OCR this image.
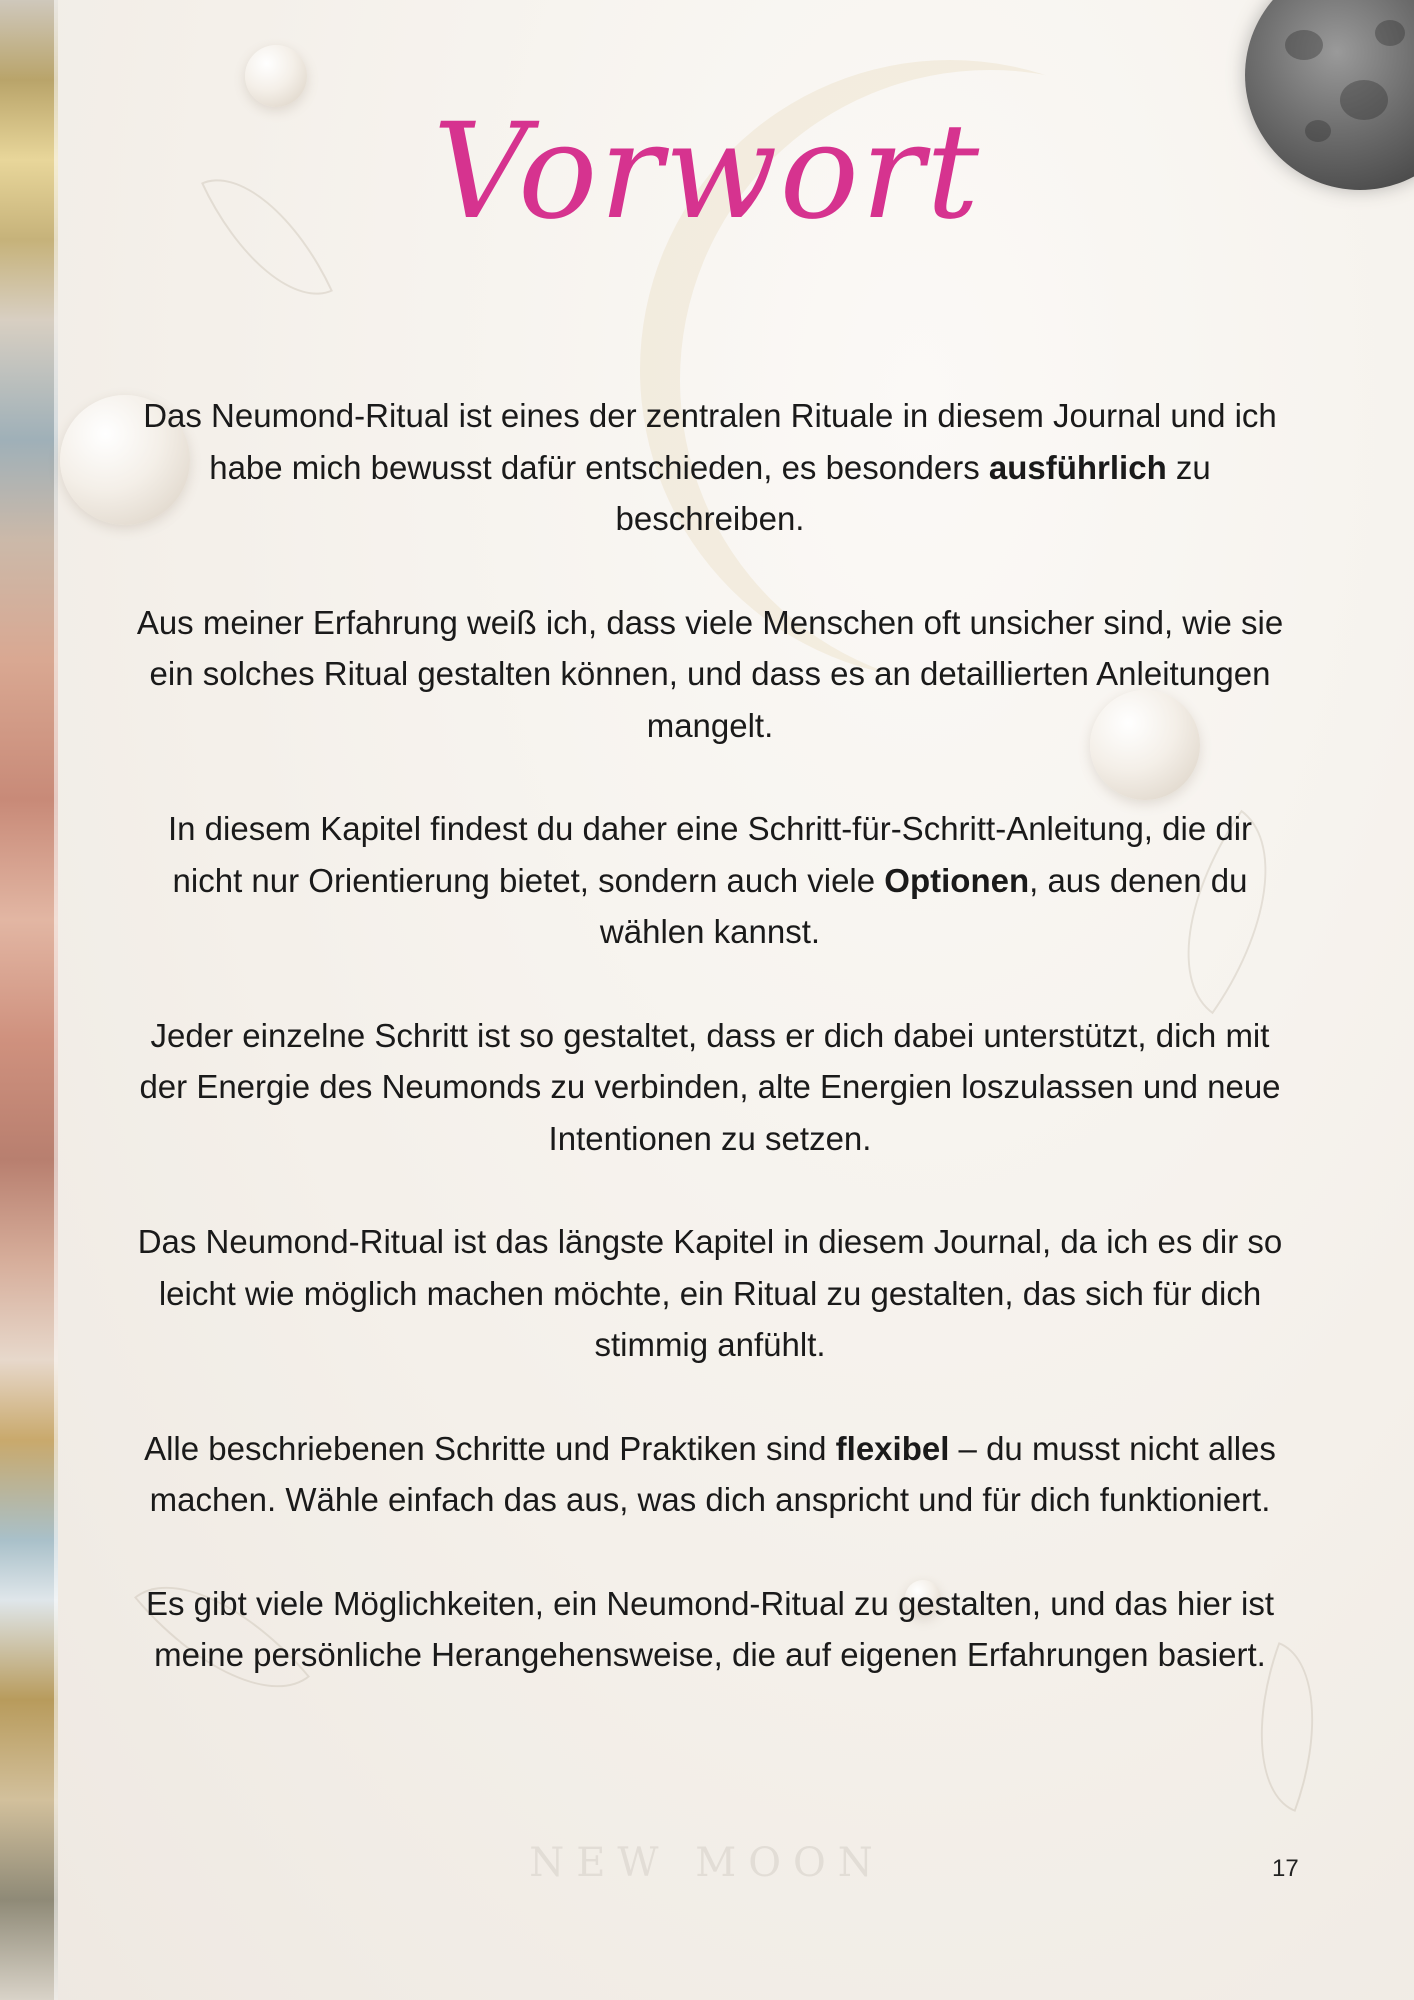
Vorwort

Das Neumond-Ritual ist eines der zentralen Rituale in diesem Journal und ich habe mich bewusst dafür entschieden, es besonders ausführlich zu beschreiben.

Aus meiner Erfahrung weiß ich, dass viele Menschen oft unsicher sind, wie sie ein solches Ritual gestalten können, und dass es an detaillierten Anleitungen mangelt.

In diesem Kapitel findest du daher eine Schritt-für-Schritt-Anleitung, die dir nicht nur Orientierung bietet, sondern auch viele Optionen, aus denen du wählen kannst.

Jeder einzelne Schritt ist so gestaltet, dass er dich dabei unterstützt, dich mit der Energie des Neumonds zu verbinden, alte Energien loszulassen und neue Intentionen zu setzen.

Das Neumond-Ritual ist das längste Kapitel in diesem Journal, da ich es dir so leicht wie möglich machen möchte, ein Ritual zu gestalten, das sich für dich stimmig anfühlt.

Alle beschriebenen Schritte und Praktiken sind flexibel – du musst nicht alles machen. Wähle einfach das aus, was dich anspricht und für dich funktioniert.

Es gibt viele Möglichkeiten, ein Neumond-Ritual zu gestalten, und das hier ist meine persönliche Herangehensweise, die auf eigenen Erfahrungen basiert.

NEW MOON	17
